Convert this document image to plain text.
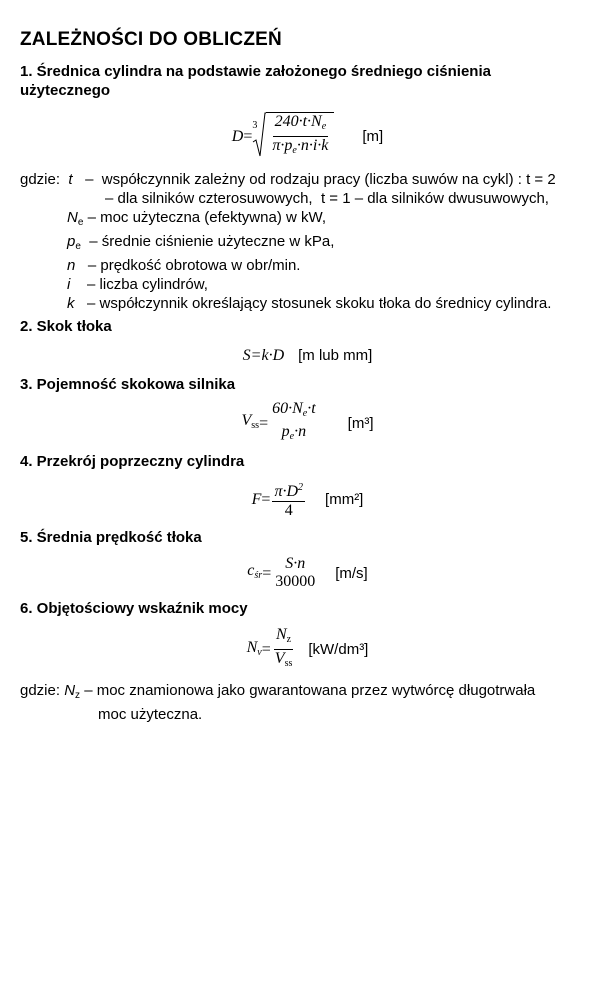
ZALEŻNOŚCI DO OBLICZEŃ
1. Średnica cylindra na podstawie założonego średniego ciśnienia
użytecznego
D =
$3 \frac{240\cdot t\cdot N_e}{\pi\cdot p_e\cdot n\cdot i\cdot k} [m]$
gdzie: t – współczynnik zależny od rodzaju pracy (liczba suwów na cykl) : t = 2
– dla silników czterosuwowych, t = 1 – dla silników dwusuwowych,
$N_e$ – moc użyteczna (efektywna) w kW,
$p_e$ – średnie ciśnienie użyteczne w kPa,
n – prędkość obrotowa w obr/min.
i – liczba cylindrów,
k – współczynnik określający stosunek skoku tłoka do średnicy cylindra.
2. Skok tłoka
S=k·D [m lub mm]
3. Pojemność skokowa silnika
$V_{ss}$ =
$60\cdot N_e\cdot t$
$p_e\cdot n$	[m³]
4. Przekrój poprzeczny cylindra
$F = \frac{\pi\cdot D^2}{4} [mm^2]$
5. Średnia prędkość tłoka
$c_{śr}$ =
S·n
30000 [m/s]
6. Objętościowy wskaźnik mocy
$N_v = \frac{N_z}{V_{ss}} [kW/dm^3]$
gdzie: $N_z$ – moc znamionowa jako gwarantowana przez wytwórcę długotrwała
moc użyteczna.
